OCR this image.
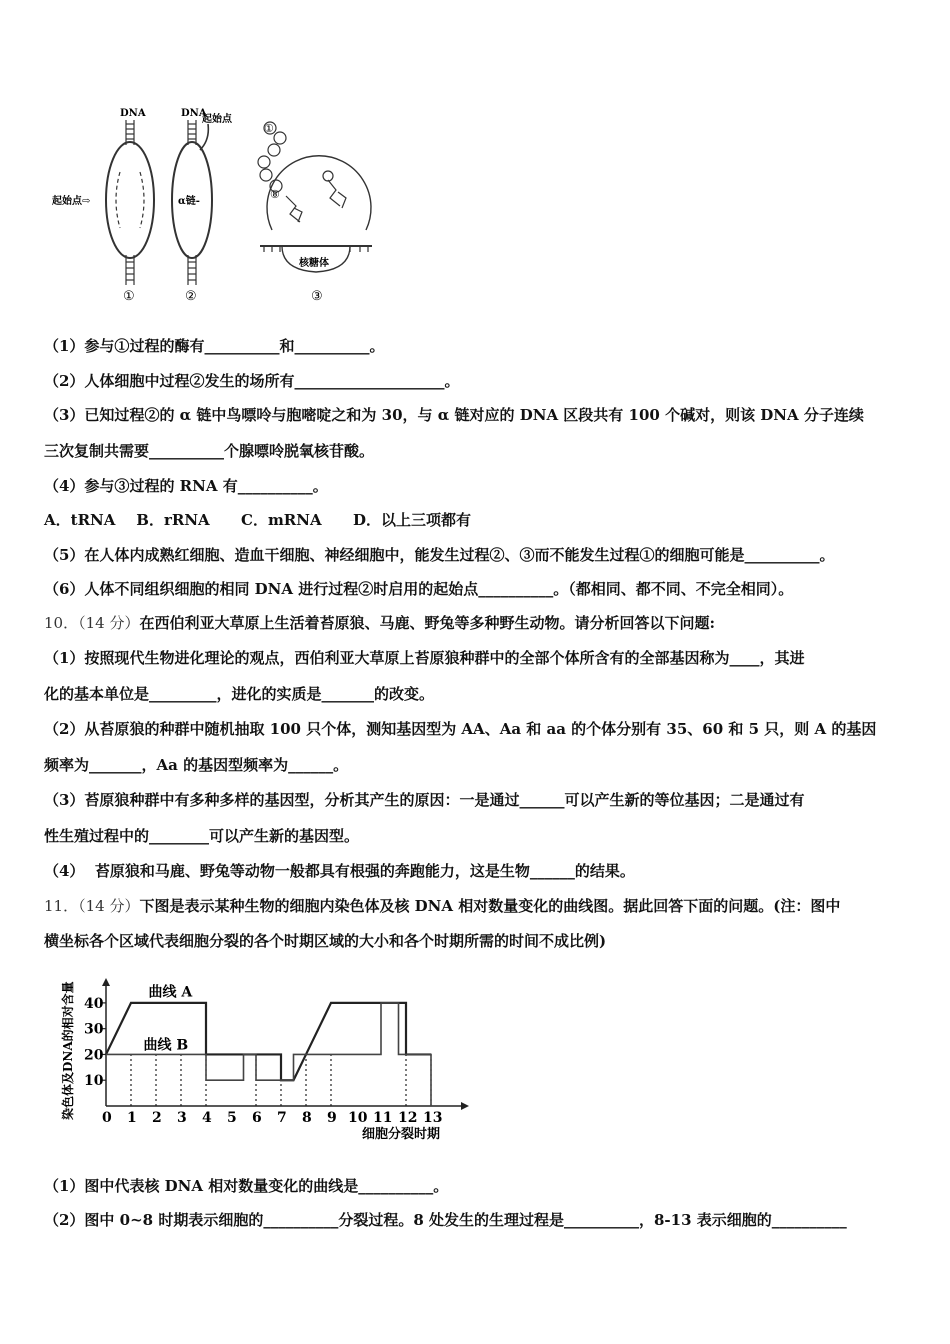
DNA	DNA
起始点
起始点⇨	α链-
核糖体
①
⑧
①	②	③
（1）参与①过程的酶有__________和__________。
（2）人体细胞中过程②发生的场所有____________________。
（3）已知过程②的 α 链中鸟嘌呤与胞嘧啶之和为 30，与 α 链对应的 DNA 区段共有 100 个碱对，则该 DNA 分子连续
三次复制共需要__________个腺嘌呤脱氧核苷酸。
（4）参与③过程的 RNA 有__________。
A．tRNA    B．rRNA      C．mRNA      D．以上三项都有
（5）在人体内成熟红细胞、造血干细胞、神经细胞中，能发生过程②、③而不能发生过程①的细胞可能是__________。
（6）人体不同组织细胞的相同 DNA 进行过程②时启用的起始点__________。（都相同、都不同、不完全相同）。
10．（14 分）在西伯利亚大草原上生活着苔原狼、马鹿、野兔等多种野生动物。请分析回答以下问题:
（1）按照现代生物进化理论的观点，西伯利亚大草原上苔原狼种群中的全部个体所含有的全部基因称为____，其进
化的基本单位是_________，进化的实质是_______的改变。
（2）从苔原狼的种群中随机抽取 100 只个体，测知基因型为 AA、Aa 和 aa 的个体分别有 35、60 和 5 只，则 A 的基因
频率为_______，Aa 的基因型频率为______。
（3）苔原狼种群中有多种多样的基因型，分析其产生的原因：一是通过______可以产生新的等位基因；二是通过有
性生殖过程中的________可以产生新的基因型。
（4）  苔原狼和马鹿、野兔等动物一般都具有根强的奔跑能力，这是生物______的结果。
11．（14 分）下图是表示某种生物的细胞内染色体及核 DNA 相对数量变化的曲线图。据此回答下面的问题。(注：图中
横坐标各个区域代表细胞分裂的各个时期区域的大小和各个时期所需的时间不成比例)
染色体及DNA的相对含量
细胞分裂时期
10
20
30
40
0 1 2 3 4 5 6 7 8 9 10 11 12 13
曲线 A
曲线 B
（1）图中代表核 DNA 相对数量变化的曲线是__________。
（2）图中 0~8 时期表示细胞的__________分裂过程。8 处发生的生理过程是__________，8-13 表示细胞的__________
